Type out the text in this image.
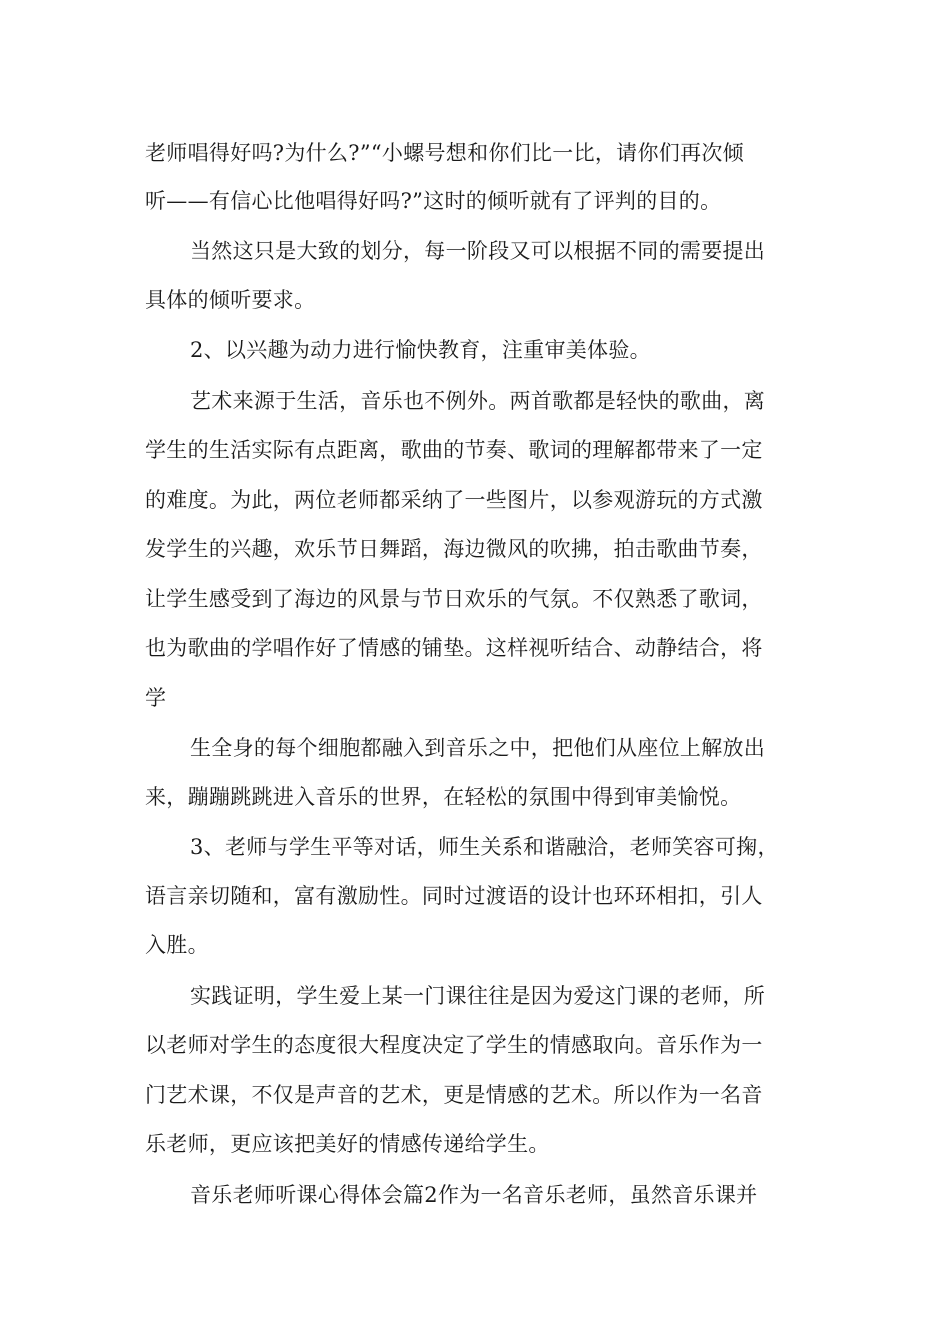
老师唱得好吗?为什么?”“小螺号想和你们比一比，请你们再次倾
听——有信心比他唱得好吗?”这时的倾听就有了评判的目的。
当然这只是大致的划分，每一阶段又可以根据不同的需要提出
具体的倾听要求。
2、以兴趣为动力进行愉快教育，注重审美体验。
艺术来源于生活，音乐也不例外。两首歌都是轻快的歌曲，离
学生的生活实际有点距离，歌曲的节奏、歌词的理解都带来了一定
的难度。为此，两位老师都采纳了一些图片，以参观游玩的方式激
发学生的兴趣，欢乐节日舞蹈，海边微风的吹拂，拍击歌曲节奏，
让学生感受到了海边的风景与节日欢乐的气氛。不仅熟悉了歌词，
也为歌曲的学唱作好了情感的铺垫。这样视听结合、动静结合，将
学
生全身的每个细胞都融入到音乐之中，把他们从座位上解放出
来，蹦蹦跳跳进入音乐的世界，在轻松的氛围中得到审美愉悦。
3、老师与学生平等对话，师生关系和谐融洽，老师笑容可掬，
语言亲切随和，富有激励性。同时过渡语的设计也环环相扣，引人
入胜。
实践证明，学生爱上某一门课往往是因为爱这门课的老师，所
以老师对学生的态度很大程度决定了学生的情感取向。音乐作为一
门艺术课，不仅是声音的艺术，更是情感的艺术。所以作为一名音
乐老师，更应该把美好的情感传递给学生。
音乐老师听课心得体会篇2作为一名音乐老师，虽然音乐课并
